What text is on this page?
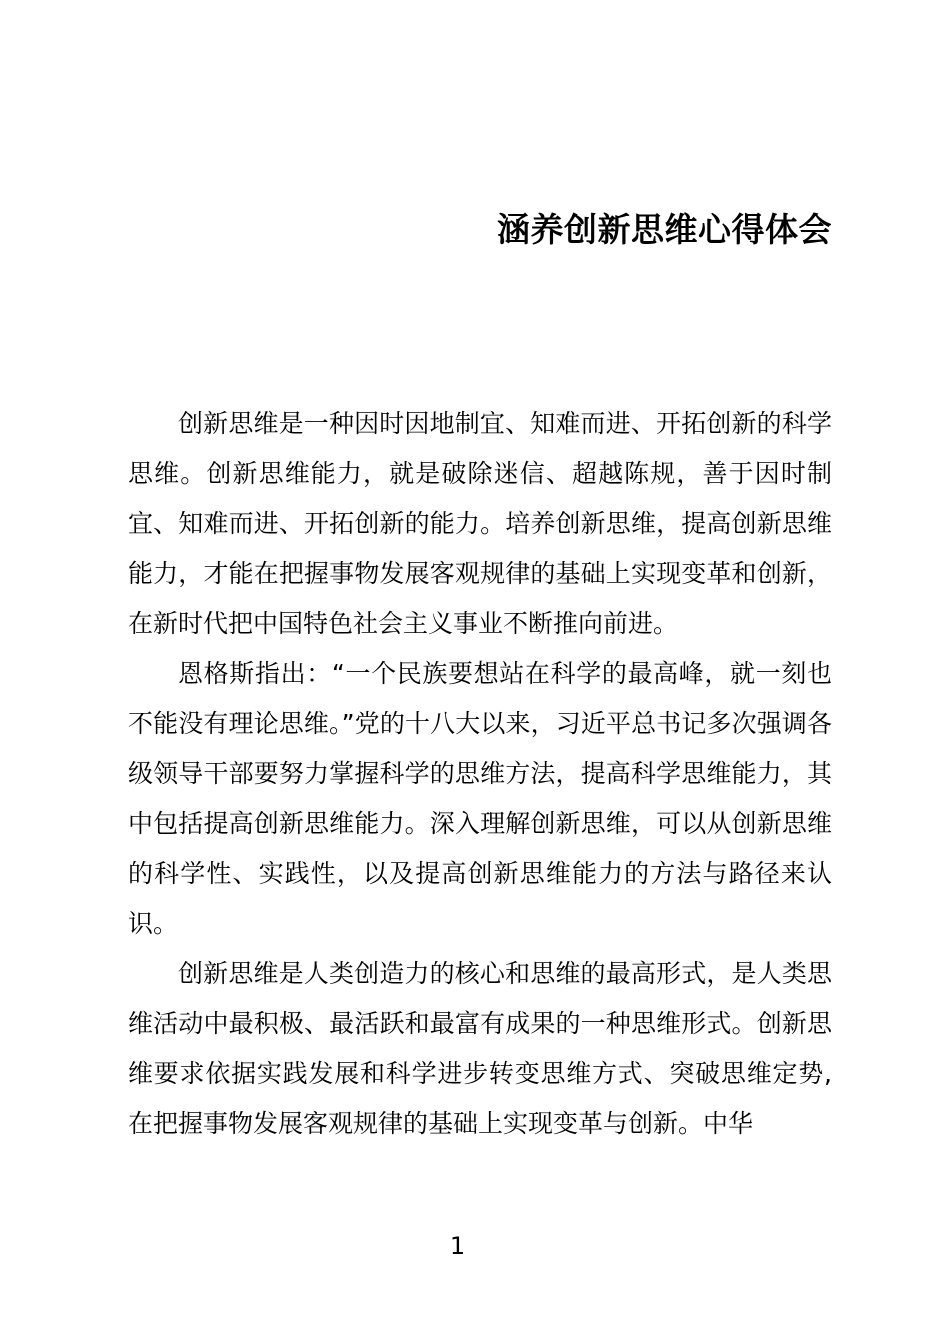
涵养创新思维心得体会

创新思维是一种因时因地制宜、知难而进、开拓创新的科学思维。创新思维能力，就是破除迷信、超越陈规，善于因时制宜、知难而进、开拓创新的能力。培养创新思维，提高创新思维能力，才能在把握事物发展客观规律的基础上实现变革和创新，在新时代把中国特色社会主义事业不断推向前进。

恩格斯指出：“一个民族要想站在科学的最高峰，就一刻也不能没有理论思维。”党的十八大以来，习近平总书记多次强调各级领导干部要努力掌握科学的思维方法，提高科学思维能力，其中包括提高创新思维能力。深入理解创新思维，可以从创新思维的科学性、实践性，以及提高创新思维能力的方法与路径来认识。

创新思维是人类创造力的核心和思维的最高形式，是人类思维活动中最积极、最活跃和最富有成果的一种思维形式。创新思维要求依据实践发展和科学进步转变思维方式、突破思维定势,在把握事物发展客观规律的基础上实现变革与创新。中华

1
